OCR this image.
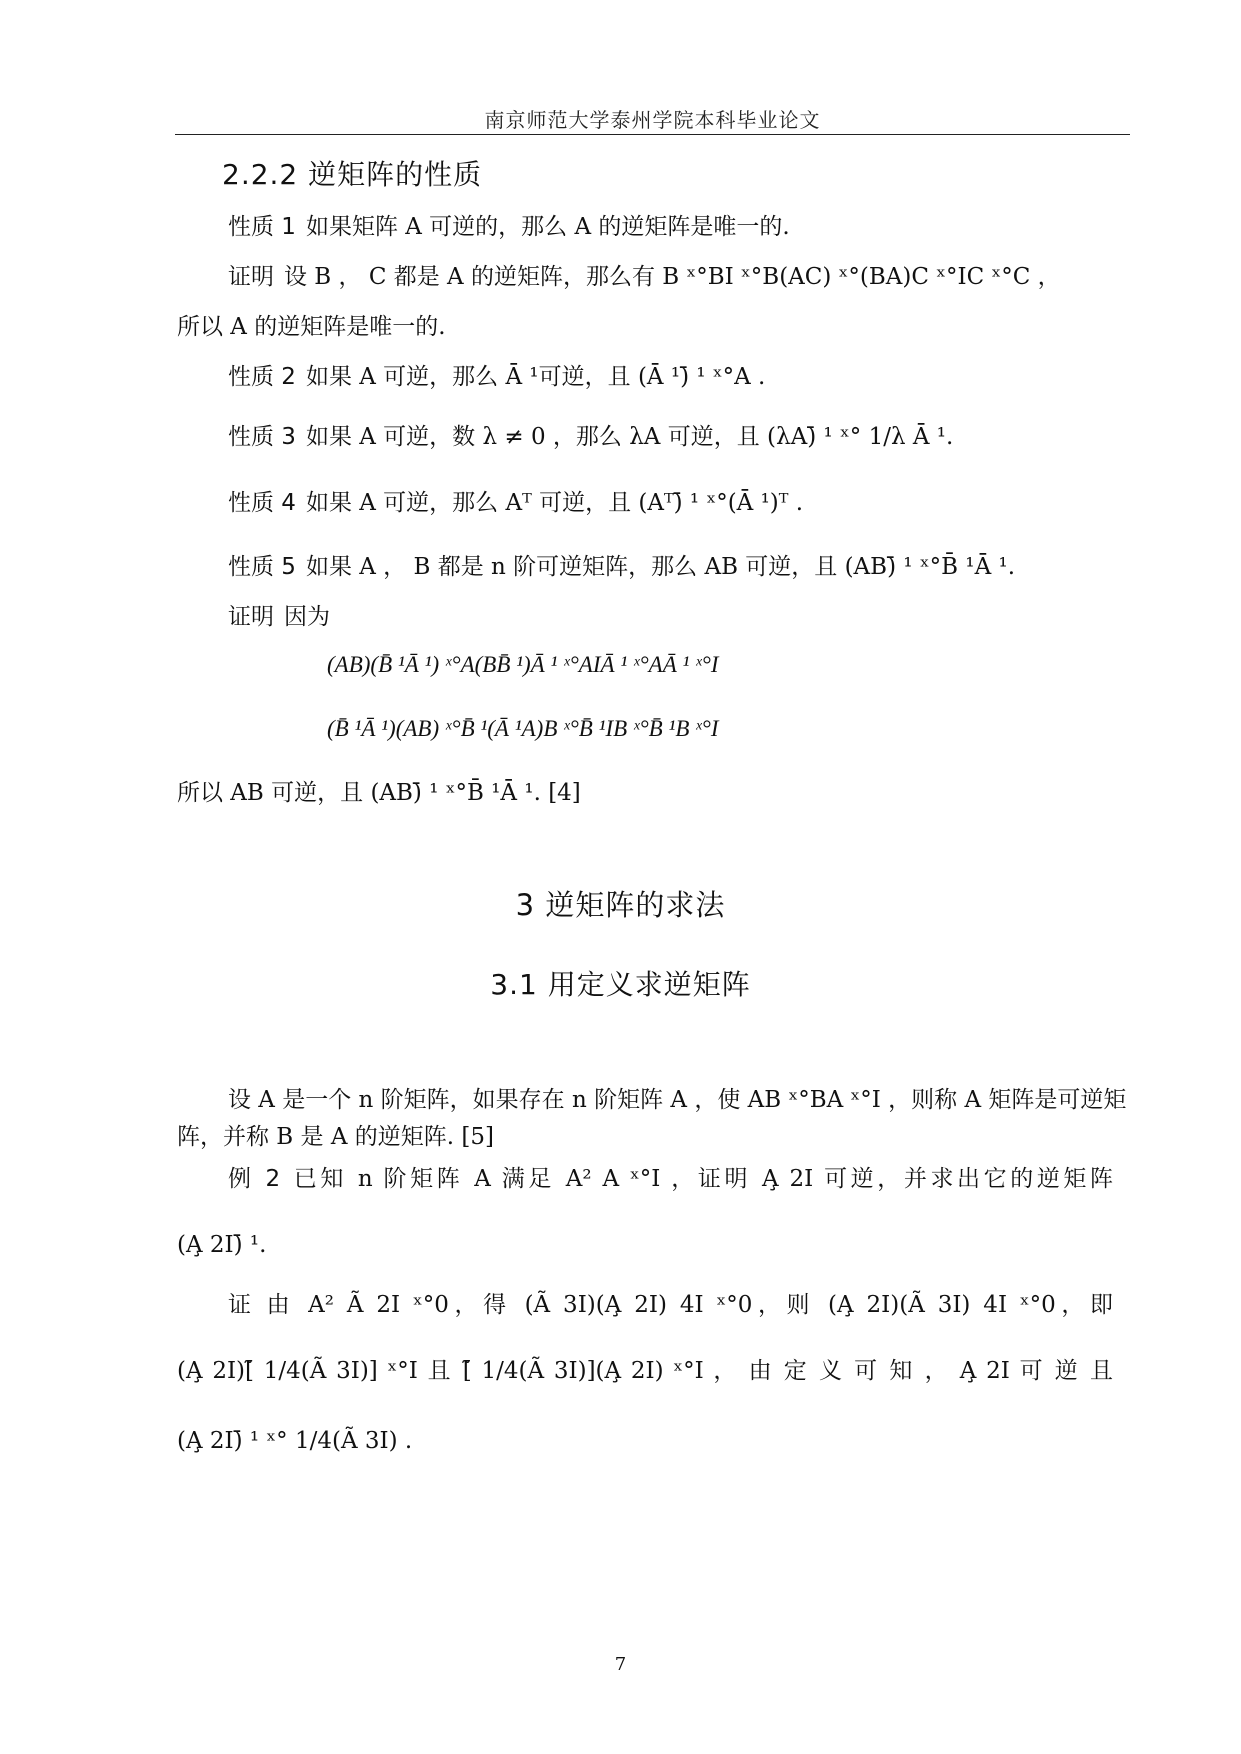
南京师范大学泰州学院本科毕业论文
2.2.2 逆矩阵的性质
性质 1 如果矩阵 A 可逆的，那么 A 的逆矩阵是唯一的.
证明 设 B ， C 都是 A 的逆矩阵，那么有 B ˣ°BI ˣ°B(AC) ˣ°(BA)C ˣ°IC ˣ°C ，
所以 A 的逆矩阵是唯一的.
性质 2 如果 A 可逆，那么 Ā ¹可逆，且 (Ā ¹)̄ ¹ ˣ°A .
性质 3 如果 A 可逆，数 λ ≠ 0 ，那么 λA 可逆，且 (λA)̄ ¹ ˣ° 1/λ Ā ¹.
性质 4 如果 A 可逆，那么 Aᵀ 可逆，且 (Aᵀ)̄ ¹ ˣ°(Ā ¹)ᵀ .
性质 5 如果 A ， B 都是 n 阶可逆矩阵，那么 AB 可逆，且 (AB)̄ ¹ ˣ°B̄ ¹Ā ¹.
证明 因为
(AB)(B̄ ¹Ā ¹) ˣ°A(BB̄ ¹)Ā ¹ ˣ°AIĀ ¹ ˣ°AĀ ¹ ˣ°I
(B̄ ¹Ā ¹)(AB) ˣ°B̄ ¹(Ā ¹A)B ˣ°B̄ ¹IB ˣ°B̄ ¹B ˣ°I
所以 AB 可逆，且 (AB)̄ ¹ ˣ°B̄ ¹Ā ¹. [4]
3 逆矩阵的求法
3.1 用定义求逆矩阵
设 A 是一个 n 阶矩阵，如果存在 n 阶矩阵 A ，使 AB ˣ°BA ˣ°I ，则称 A 矩阵是可逆矩
阵，并称 B 是 A 的逆矩阵. [5]
例 2 已知 n 阶矩阵 A 满足 A² A ˣ°I ，证明 A̧ 2I 可逆，并求出它的逆矩阵
(A̧ 2I)̄ ¹.
证 由 A² Ã 2I ˣ°0，得 (Ã 3I)(A̧ 2I) 4I ˣ°0，则 (A̧ 2I)(Ã 3I) 4I ˣ°0，即
(A̧ 2I)[̃ 1/4(Ã 3I)] ˣ°I 且 [̃ 1/4(Ã 3I)](A̧ 2I) ˣ°I ， 由 定 义 可 知 ， A̧ 2I 可 逆 且
(A̧ 2I)̄ ¹ ˣ° 1/4(Ã 3I) .
7
